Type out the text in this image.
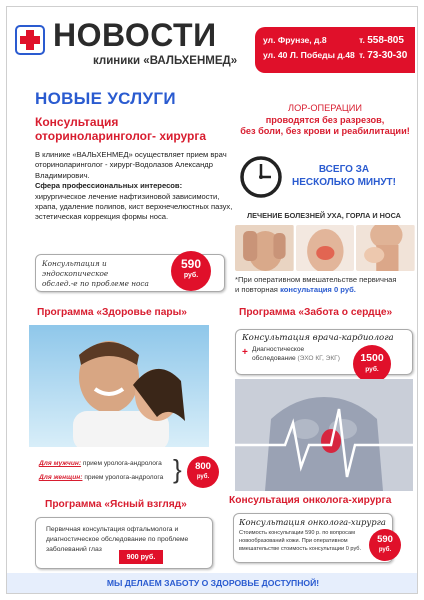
НОВОСТИ
клиники «ВАЛЬХЕНМЕД»
ул. Фрунзе, д.8	т. 558-805
ул. 40 Л. Победы д.48 т. 73-30-30
НОВЫЕ УСЛУГИ
Консультация оториноларинголог- хирурга
В клинике «ВАЛЬХЕНМЕД» осуществляет прием врач оториноларинголог - хирург-Водолазов Александр Владимирович.
Сфера профессиональных интересов:
хирургическое лечение нафтизиновой зависимости, храпа, удаление полипов, кист верхнечелюстных пазух, эстетическая коррекция формы носа.
Консультация и
эндоскопическое
обслед.-е по проблеме носа
590
руб.
ЛОР-ОПЕРАЦИИ
проводятся без разрезов,
без боли, без крови и реабилитации!
ВСЕГО ЗА
НЕСКОЛЬКО МИНУТ!
ЛЕЧЕНИЕ БОЛЕЗНЕЙ УХА, ГОРЛА И НОСА
*При оперативном вмешательстве первичная
и повторная консультация 0 руб.
Программа «Здоровье пары»
Для мужчин: прием уролога-андролога
Для женщин: прием уролога-андролога }	800
руб.
Программа «Забота о сердце»
Консультация врача-кардиолога
+ Диагностическое
обследование (ЭХО КГ, ЭКГ)	1500
руб.
Программа «Ясный взгляд»
Первичная консультация офтальмолога и диагностическое обследование по проблеме заболеваний глаз
900 руб.
Консультация онколога-хирурга
Консультация онколога-хирурга
Стоимость консультации 590 р. по вопросам новообразований кожи. При оперативном вмешательстве стоимость консультации 0 руб.
590
руб.
МЫ ДЕЛАЕМ ЗАБОТУ О ЗДОРОВЬЕ ДОСТУПНОЙ!
